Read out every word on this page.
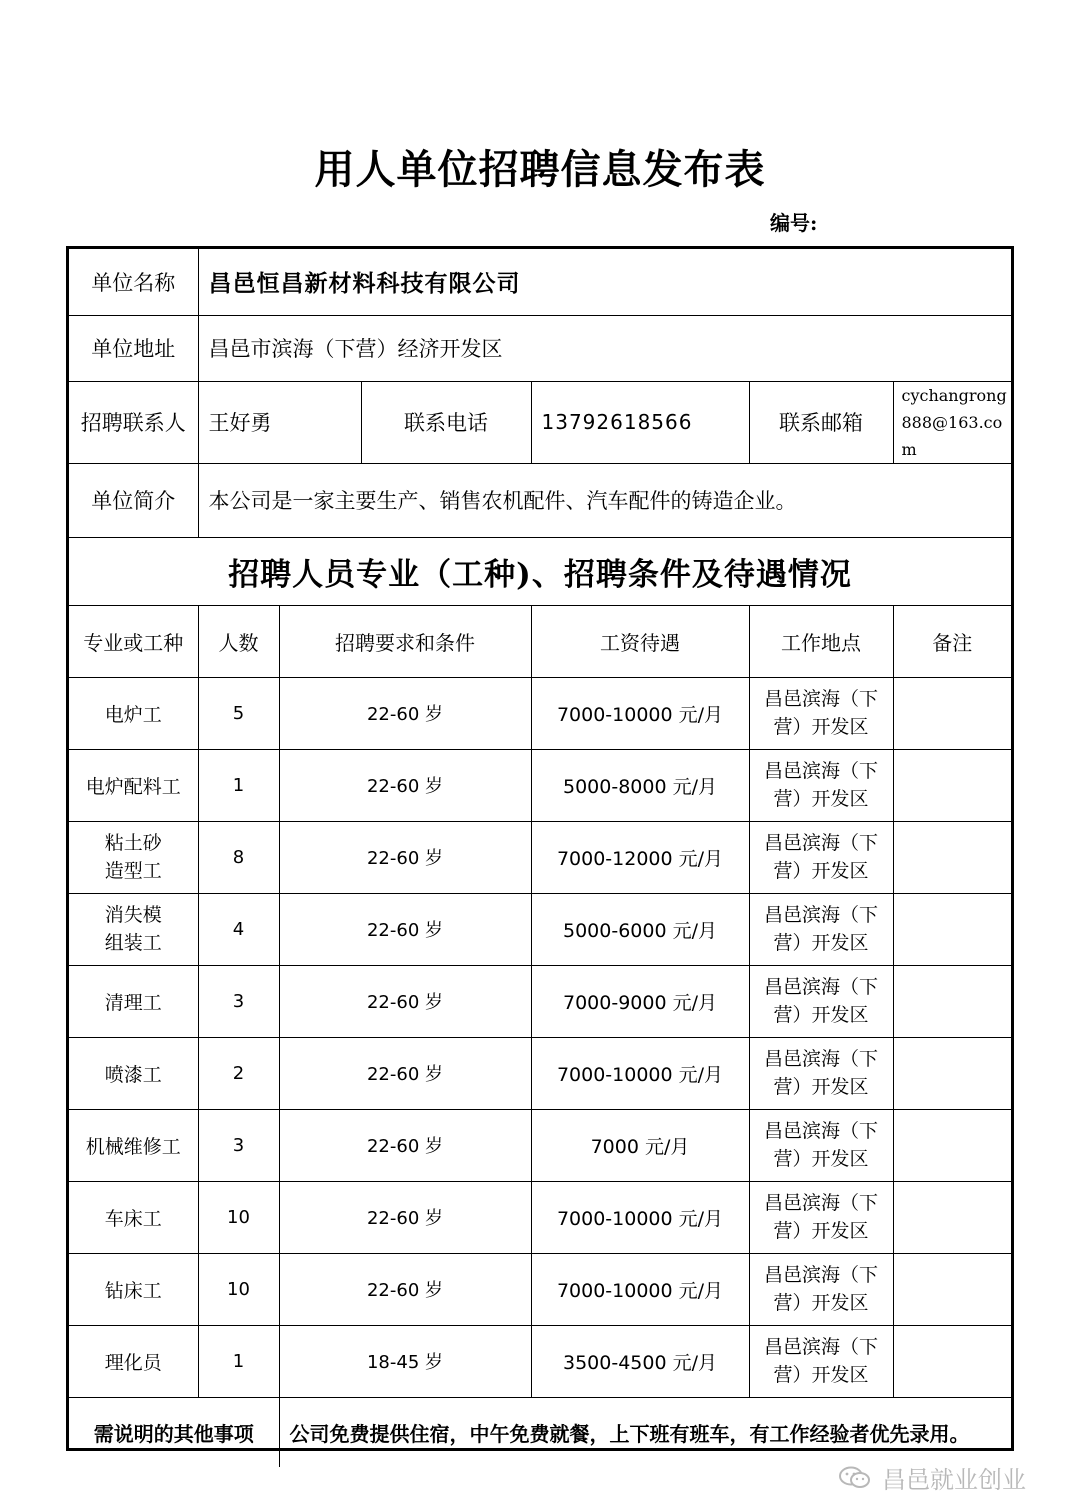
用人单位招聘信息发布表
编号:
单位名称	昌邑恒昌新材料科技有限公司					
单位地址	昌邑市滨海（下营）经济开发区					
招聘联系人	王好勇		联系电话	13792618566	联系邮箱	cychangrong888@163.com
单位简介	本公司是一家主要生产、销售农机配件、汽车配件的铸造企业。					
招聘人员专业（工种)、招聘条件及待遇情况						
专业或工种	人数	招聘要求和条件		工资待遇	工作地点	备注
电炉工	5	22-60 岁		7000-10000 元/月	昌邑滨海（下营）开发区	
电炉配料工	1	22-60 岁		5000-8000 元/月	昌邑滨海（下营）开发区	
粘土砂造型工	8	22-60 岁		7000-12000 元/月	昌邑滨海（下营）开发区	
消失模组装工	4	22-60 岁		5000-6000 元/月	昌邑滨海（下营）开发区	
清理工	3	22-60 岁		7000-9000 元/月	昌邑滨海（下营）开发区	
喷漆工	2	22-60 岁		7000-10000 元/月	昌邑滨海（下营）开发区	
机械维修工	3	22-60 岁		7000 元/月	昌邑滨海（下营）开发区	
车床工	10	22-60 岁		7000-10000 元/月	昌邑滨海（下营）开发区	
钻床工	10	22-60 岁		7000-10000 元/月	昌邑滨海（下营）开发区	
理化员	1	18-45 岁		3500-4500 元/月	昌邑滨海（下营）开发区	
需说明的其他事项		公司免费提供住宿，中午免费就餐，上下班有班车，有工作经验者优先录用。				
昌邑就业创业
